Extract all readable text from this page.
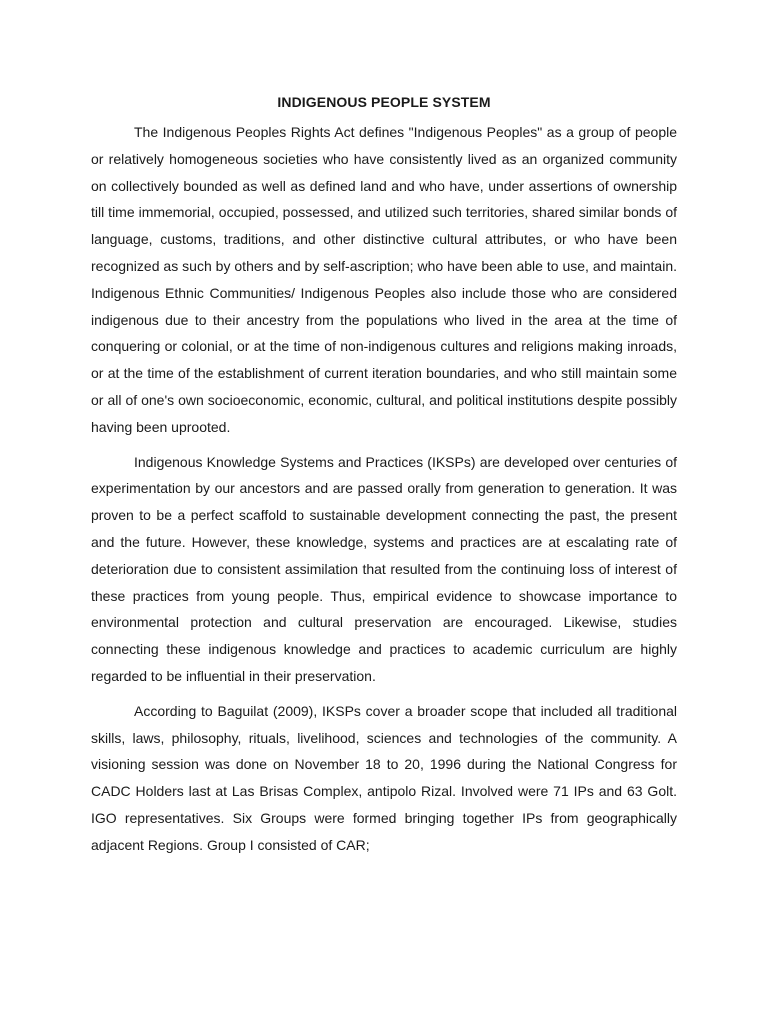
INDIGENOUS PEOPLE SYSTEM

The Indigenous Peoples Rights Act defines "Indigenous Peoples" as a group of people or relatively homogeneous societies who have consistently lived as an organized community on collectively bounded as well as defined land and who have, under assertions of ownership till time immemorial, occupied, possessed, and utilized such territories, shared similar bonds of language, customs, traditions, and other distinctive cultural attributes, or who have been recognized as such by others and by self-ascription; who have been able to use, and maintain. Indigenous Ethnic Communities/ Indigenous Peoples also include those who are considered indigenous due to their ancestry from the populations who lived in the area at the time of conquering or colonial, or at the time of non-indigenous cultures and religions making inroads, or at the time of the establishment of current iteration boundaries, and who still maintain some or all of one's own socioeconomic, economic, cultural, and political institutions despite possibly having been uprooted.

Indigenous Knowledge Systems and Practices (IKSPs) are developed over centuries of experimentation by our ancestors and are passed orally from generation to generation. It was proven to be a perfect scaffold to sustainable development connecting the past, the present and the future. However, these knowledge, systems and practices are at escalating rate of deterioration due to consistent assimilation that resulted from the continuing loss of interest of these practices from young people. Thus, empirical evidence to showcase importance to environmental protection and cultural preservation are encouraged. Likewise, studies connecting these indigenous knowledge and practices to academic curriculum are highly regarded to be influential in their preservation.

According to Baguilat (2009), IKSPs cover a broader scope that included all traditional skills, laws, philosophy, rituals, livelihood, sciences and technologies of the community. A visioning session was done on November 18 to 20, 1996 during the National Congress for CADC Holders last at Las Brisas Complex, antipolo Rizal. Involved were 71 IPs and 63 Golt. IGO representatives. Six Groups were formed bringing together IPs from geographically adjacent Regions. Group I consisted of CAR;
